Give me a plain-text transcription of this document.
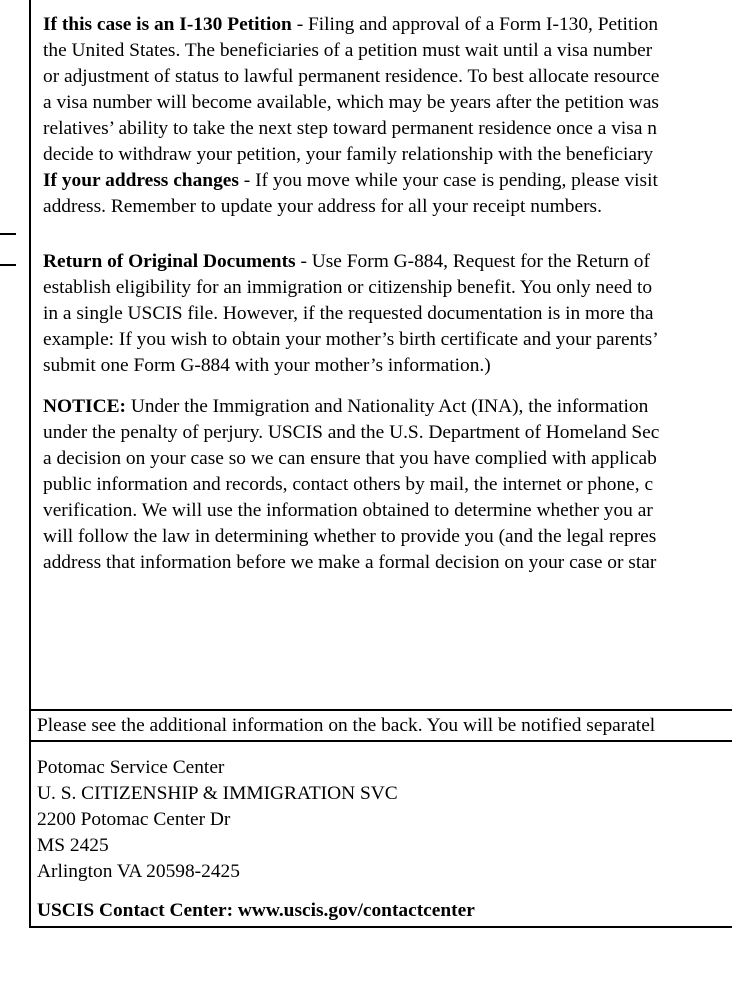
If this case is an I-130 Petition - Filing and approval of a Form I-130, Petition

the United States. The beneficiaries of a petition must wait until a visa number

or adjustment of status to lawful permanent residence. To best allocate resource

a visa number will become available, which may be years after the petition was

relatives’ ability to take the next step toward permanent residence once a visa n

decide to withdraw your petition, your family relationship with the beneficiary

If your address changes - If you move while your case is pending, please visit

address. Remember to update your address for all your receipt numbers.

Return of Original Documents - Use Form G-884, Request for the Return of

establish eligibility for an immigration or citizenship benefit. You only need to

in a single USCIS file. However, if the requested documentation is in more tha

example: If you wish to obtain your mother’s birth certificate and your parents’

submit one Form G-884 with your mother’s information.)

NOTICE: Under the Immigration and Nationality Act (INA), the information

under the penalty of perjury. USCIS and the U.S. Department of Homeland Sec

a decision on your case so we can ensure that you have complied with applicab

public information and records, contact others by mail, the internet or phone, c

verification. We will use the information obtained to determine whether you ar

will follow the law in determining whether to provide you (and the legal repres

address that information before we make a formal decision on your case or star

Please see the additional information on the back. You will be notified separatel
Potomac Service Center
U. S. CITIZENSHIP & IMMIGRATION SVC
2200 Potomac Center Dr
MS 2425
Arlington VA 20598-2425
USCIS Contact Center: www.uscis.gov/contactcenter
